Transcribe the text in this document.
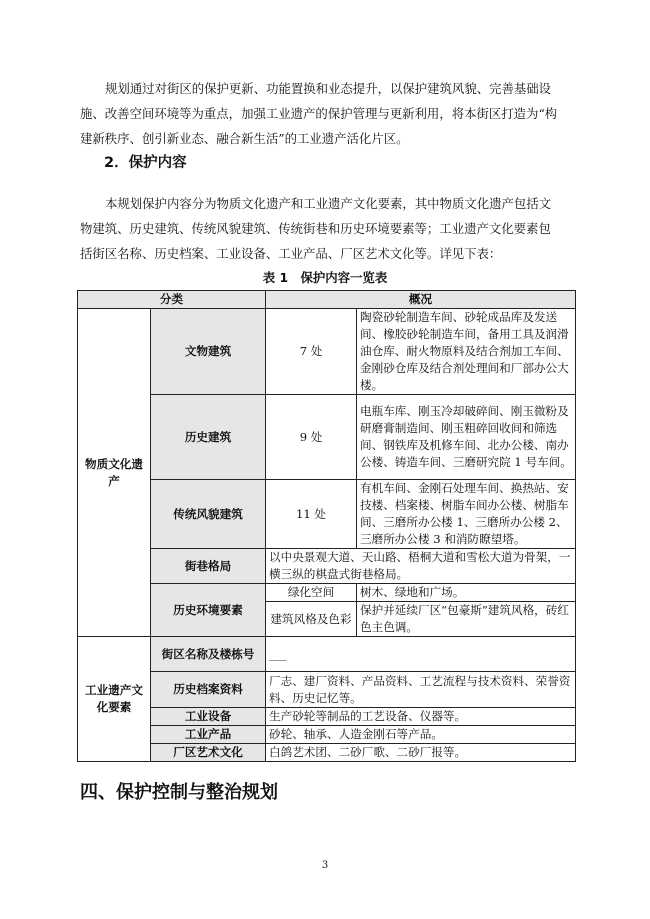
规划通过对街区的保护更新、功能置换和业态提升，以保护建筑风貌、完善基础设
施、改善空间环境等为重点，加强工业遗产的保护管理与更新利用，将本街区打造为“构
建新秩序、创引新业态、融合新生活”的工业遗产活化片区。
2．保护内容
本规划保护内容分为物质文化遗产和工业遗产文化要素，其中物质文化遗产包括文
物建筑、历史建筑、传统风貌建筑、传统街巷和历史环境要素等；工业遗产文化要素包
括街区名称、历史档案、工业设备、工业产品、厂区艺术文化等。详见下表：
表 1　保护内容一览表
分类		概况	
物质文化遗产	文物建筑	7 处	陶瓷砂轮制造车间、砂轮成品库及发送间、橡胶砂轮制造车间，备用工具及润滑油仓库、耐火物原料及结合剂加工车间、金刚砂仓库及结合剂处理间和厂部办公大楼。
	历史建筑	9 处	电瓶车库、刚玉冷却破碎间、刚玉微粉及研磨膏制造间、刚玉粗碎回收间和筛选间、钢铁库及机修车间、北办公楼、南办公楼、铸造车间、三磨研究院 1 号车间。
	传统风貌建筑	11 处	有机车间、金刚石处理车间、换热站、安技楼、档案楼、树脂车间办公楼、树脂车间、三磨所办公楼 1、三磨所办公楼 2、三磨所办公楼 3 和消防瞭望塔。
	街巷格局	以中央景观大道、天山路、梧桐大道和雪松大道为骨架，一横三纵的棋盘式街巷格局。	
	历史环境要素	绿化空间	树木、绿地和广场。
		建筑风格及色彩	保护并延续厂区“包豪斯”建筑风格，砖红色主色调。
工业遗产文化要素	街区名称及楼栋号	___	
	历史档案资料	厂志、建厂资料、产品资料、工艺流程与技术资料、荣誉资料、历史记忆等。	
	工业设备	生产砂轮等制品的工艺设备、仪器等。	
	工业产品	砂轮、轴承、人造金刚石等产品。	
	厂区艺术文化	白鸽艺术团、二砂厂歌、二砂厂报等。	
四、保护控制与整治规划
3
